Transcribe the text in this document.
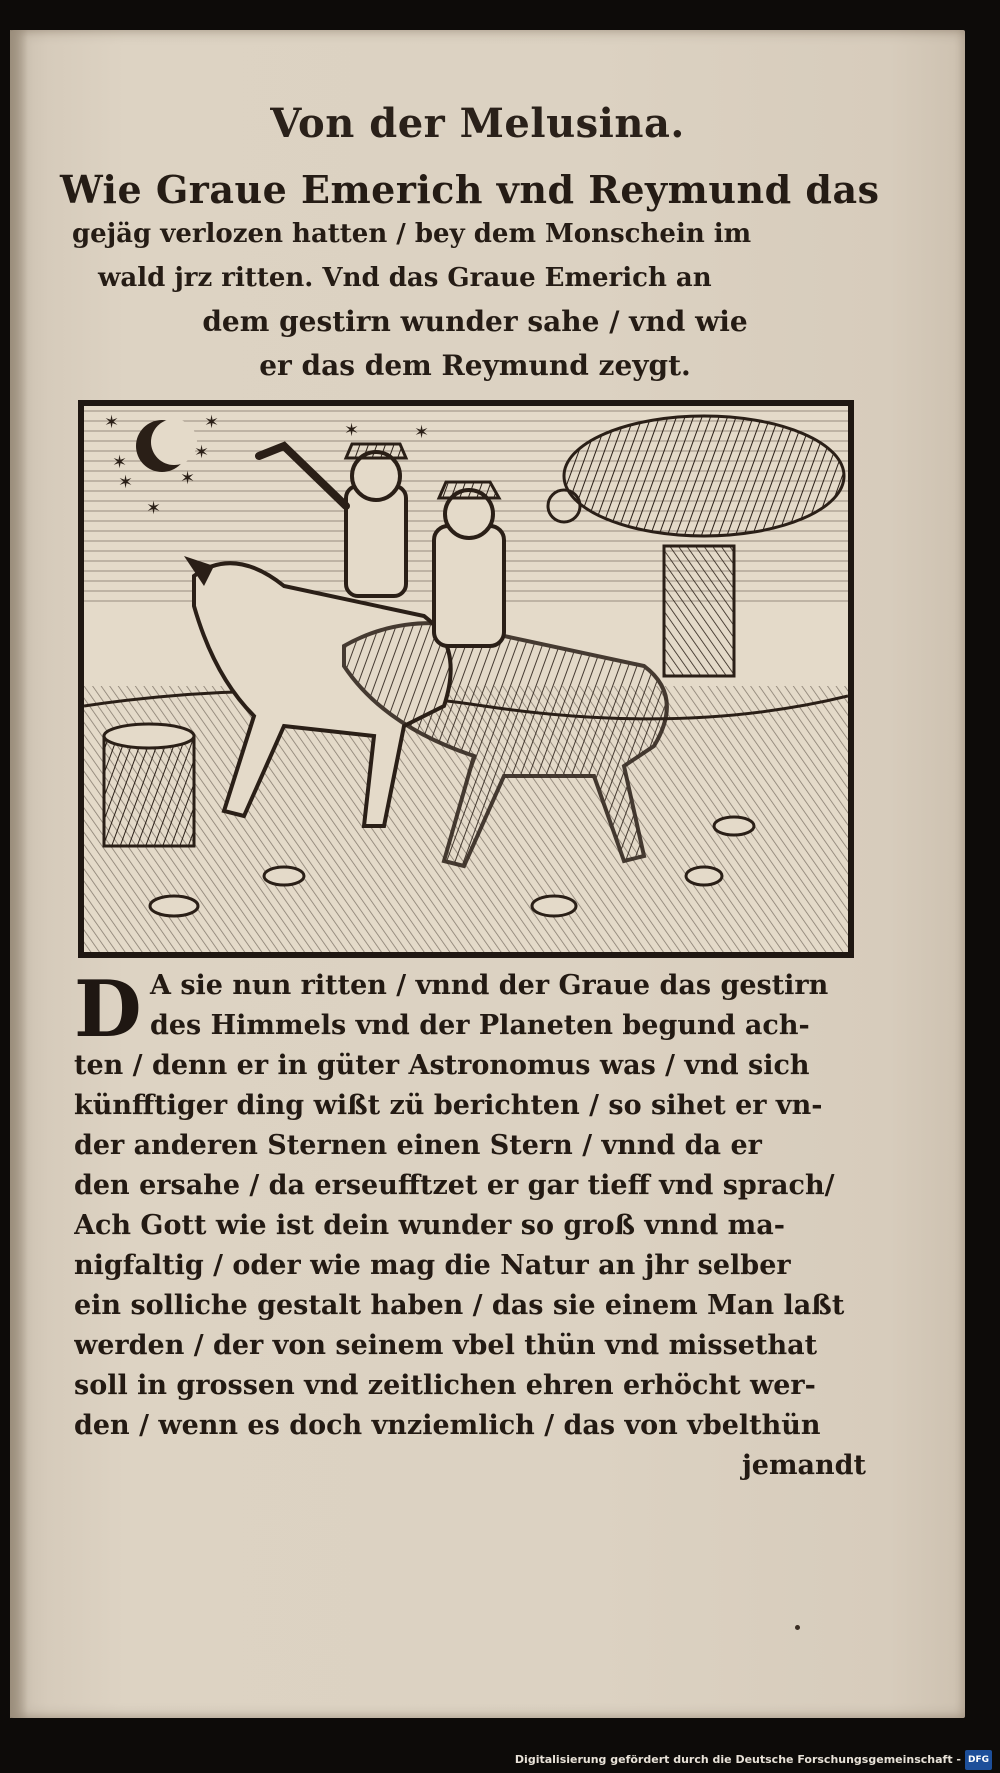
Von der Melusina.
Wie Graue Emerich vnd Reymund das
gejäg verlozen hatten / bey dem Monschein im
wald jrz ritten. Vnd das Graue Emerich an
dem gestirn wunder sahe / vnd wie
er das dem Reymund zeygt.
✶	✶
✶	✶
✶	✶
✶
✶	✶
D A sie nun ritten / vnnd der Graue das gestirn
des Himmels vnd der Planeten begund ach-
ten / denn er in güter Astronomus was / vnd sich
künfftiger ding wißt zü berichten / so sihet er vn-
der anderen Sternen einen Stern / vnnd da er
den ersahe / da erseufftzet er gar tieff vnd sprach/
Ach Gott wie ist dein wunder so groß vnnd ma-
nigfaltig / oder wie mag die Natur an jhr selber
ein solliche gestalt haben / das sie einem Man laßt
werden / der von seinem vbel thün vnd missethat
soll in grossen vnd zeitlichen ehren erhöcht wer-
den / wenn es doch vnziemlich / das von vbelthün
jemandt
Digitalisierung gefördert durch die Deutsche Forschungsgemeinschaft - DFG
